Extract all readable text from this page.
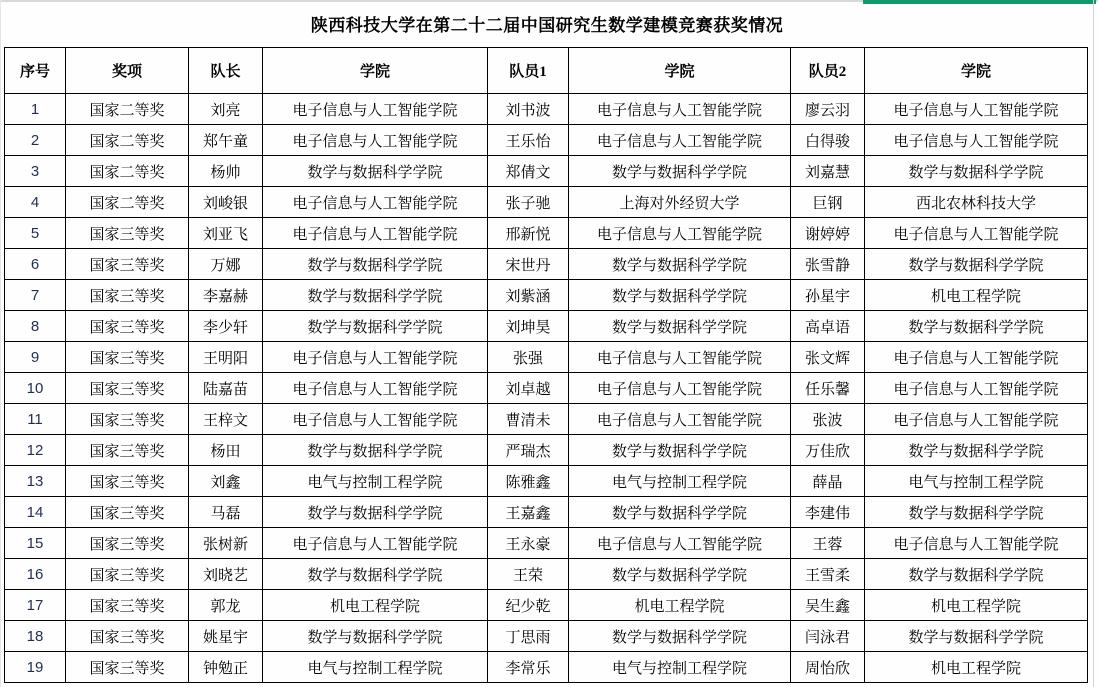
陕西科技大学在第二十二届中国研究生数学建模竞赛获奖情况
序号	奖项	队长	学院	队员1	学院	队员2	学院
1	国家二等奖	刘亮	电子信息与人工智能学院	刘书波	电子信息与人工智能学院	廖云羽	电子信息与人工智能学院
2	国家二等奖	郑午童	电子信息与人工智能学院	王乐怡	电子信息与人工智能学院	白得骏	电子信息与人工智能学院
3	国家二等奖	杨帅	数学与数据科学学院	郑倩文	数学与数据科学学院	刘嘉慧	数学与数据科学学院
4	国家二等奖	刘峻银	电子信息与人工智能学院	张子驰	上海对外经贸大学	巨钢	西北农林科技大学
5	国家三等奖	刘亚飞	电子信息与人工智能学院	邢新悦	电子信息与人工智能学院	谢婷婷	电子信息与人工智能学院
6	国家三等奖	万娜	数学与数据科学学院	宋世丹	数学与数据科学学院	张雪静	数学与数据科学学院
7	国家三等奖	李嘉赫	数学与数据科学学院	刘紫涵	数学与数据科学学院	孙星宇	机电工程学院
8	国家三等奖	李少轩	数学与数据科学学院	刘坤昊	数学与数据科学学院	高卓语	数学与数据科学学院
9	国家三等奖	王明阳	电子信息与人工智能学院	张强	电子信息与人工智能学院	张文辉	电子信息与人工智能学院
10	国家三等奖	陆嘉苗	电子信息与人工智能学院	刘卓越	电子信息与人工智能学院	任乐馨	电子信息与人工智能学院
11	国家三等奖	王梓文	电子信息与人工智能学院	曹清未	电子信息与人工智能学院	张波	电子信息与人工智能学院
12	国家三等奖	杨田	数学与数据科学学院	严瑞杰	数学与数据科学学院	万佳欣	数学与数据科学学院
13	国家三等奖	刘鑫	电气与控制工程学院	陈雅鑫	电气与控制工程学院	薛晶	电气与控制工程学院
14	国家三等奖	马磊	数学与数据科学学院	王嘉鑫	数学与数据科学学院	李建伟	数学与数据科学学院
15	国家三等奖	张树新	电子信息与人工智能学院	王永豪	电子信息与人工智能学院	王蓉	电子信息与人工智能学院
16	国家三等奖	刘晓艺	数学与数据科学学院	王荣	数学与数据科学学院	王雪柔	数学与数据科学学院
17	国家三等奖	郭龙	机电工程学院	纪少乾	机电工程学院	吴生鑫	机电工程学院
18	国家三等奖	姚星宇	数学与数据科学学院	丁思雨	数学与数据科学学院	闫泳君	数学与数据科学学院
19	国家三等奖	钟勉正	电气与控制工程学院	李常乐	电气与控制工程学院	周怡欣	机电工程学院
